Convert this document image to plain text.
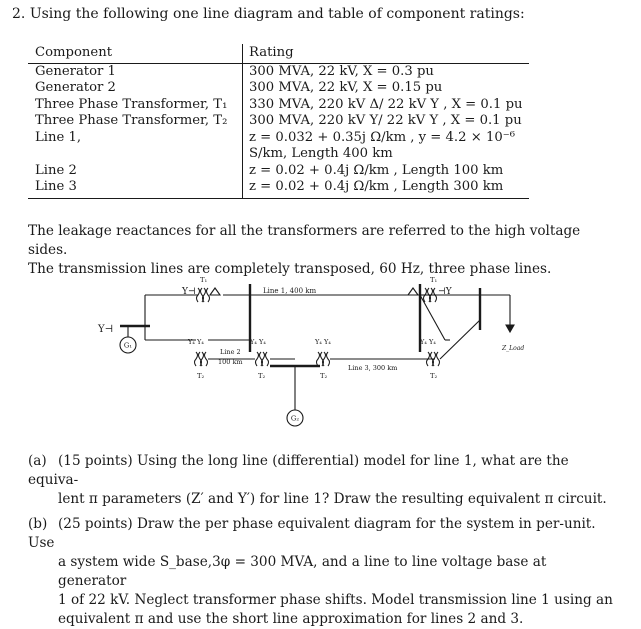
2. Using the following one line diagram and table of component ratings:
Component	Rating
Generator 1	300 MVA, 22 kV, X = 0.3 pu
Generator 2	300 MVA, 22 kV, X = 0.15 pu
Three Phase Transformer, T₁	330 MVA, 220 kV Δ/ 22 kV Y , X = 0.1 pu
Three Phase Transformer, T₂	300 MVA, 220 kV Y/ 22 kV Y , X = 0.1 pu
Line 1,	z = 0.032 + 0.35j Ω/km , y = 4.2 × 10⁻⁶
S/km, Length 400 km

Line 2	z = 0.02 + 0.4j Ω/km , Length 100 km
Line 3	z = 0.02 + 0.4j Ω/km , Length 300 km
The leakage reactances for all the transformers are referred to the high voltage sides.
The transmission lines are completely transposed, 60 Hz, three phase lines.
G₁
Y⊣
T₁
Y⊣	Line 1, 400 km
T₁
⊣Y
Z_Load
Y₄ Y₄
T₂
Line 2
100 km
Y₄ Y₄
T₂
G₂
Y₄ Y₄
T₂
Line 3, 300 km
Y₄ Y₄
T₂
(a) (15 points) Using the long line (differential) model for line 1, what are the equiva-
lent π parameters (Z′ and Y′) for line 1? Draw the resulting equivalent π circuit.
(b) (25 points) Draw the per phase equivalent diagram for the system in per-unit. Use
a system wide S_base,3φ = 300 MVA, and a line to line voltage base at generator
1 of 22 kV. Neglect transformer phase shifts. Model transmission line 1 using an
equivalent π and use the short line approximation for lines 2 and 3.
